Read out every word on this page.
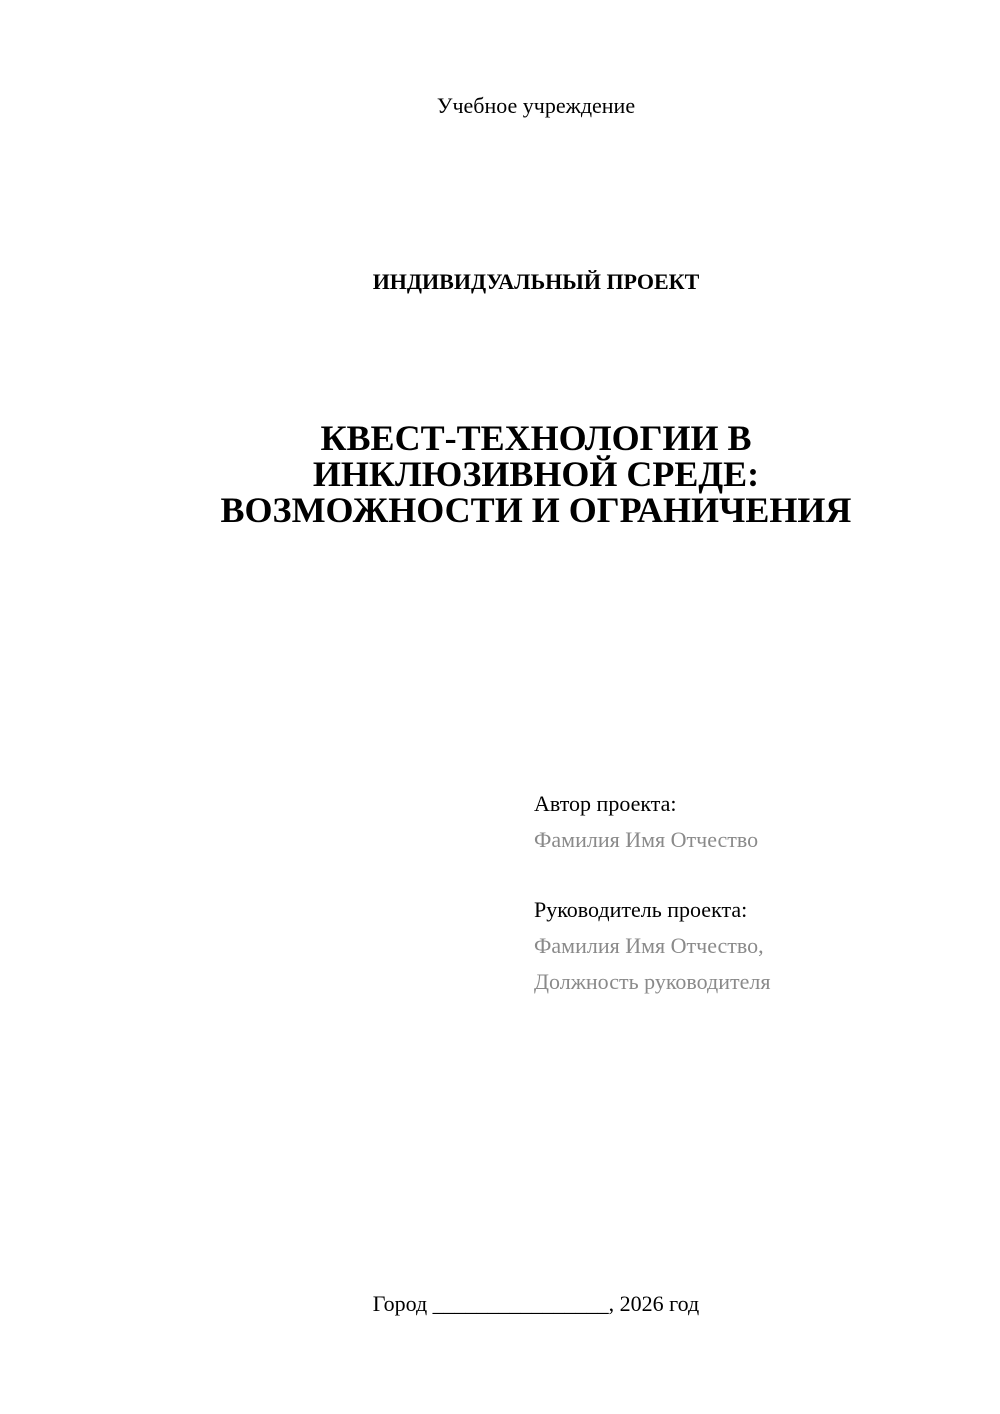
Учебное учреждение
ИНДИВИДУАЛЬНЫЙ ПРОЕКТ
КВЕСТ-ТЕХНОЛОГИИ В
ИНКЛЮЗИВНОЙ СРЕДЕ:
ВОЗМОЖНОСТИ И ОГРАНИЧЕНИЯ
Автор проекта:
Фамилия Имя Отчество
Руководитель проекта:
Фамилия Имя Отчество,
Должность руководителя
Город ________________, 2026 год
